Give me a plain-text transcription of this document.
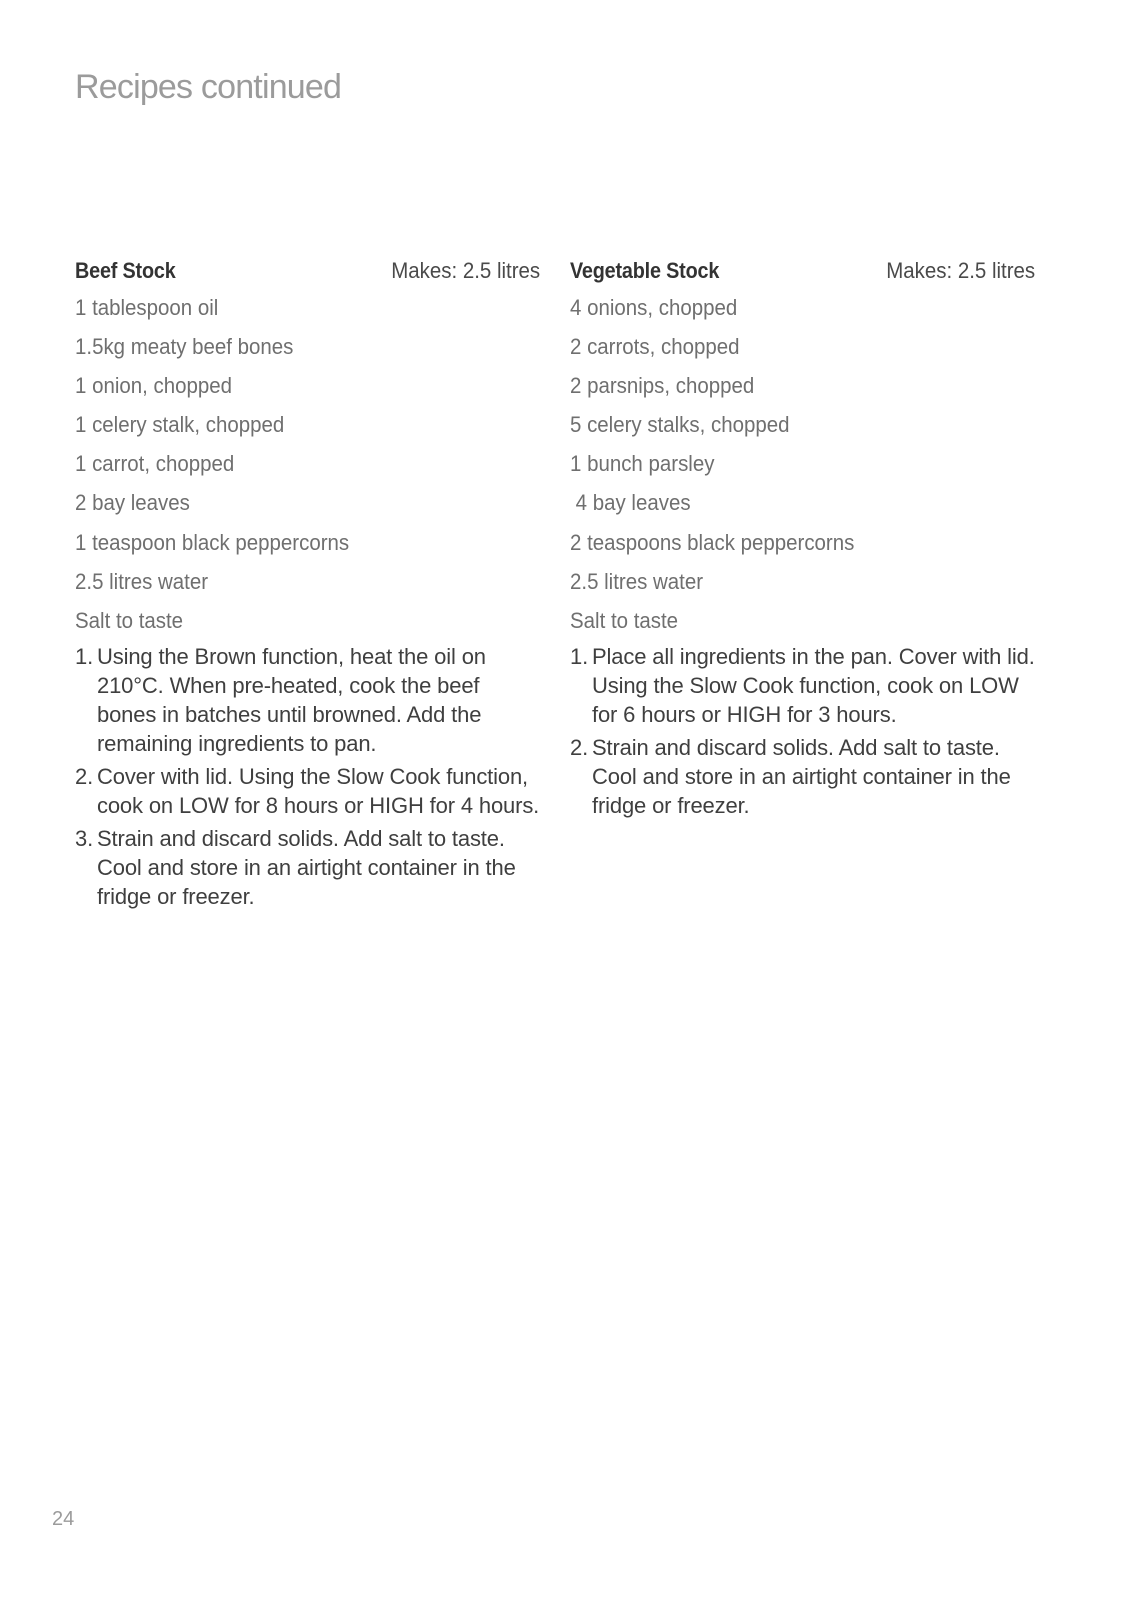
Recipes continued
Beef Stock	Makes: 2.5 litres
1 tablespoon oil
1.5kg meaty beef bones
1 onion, chopped
1 celery stalk, chopped
1 carrot, chopped
2 bay leaves
1 teaspoon black peppercorns
2.5 litres water
Salt to taste
1. Using the Brown function, heat the oil on 210°C. When pre-heated, cook the beef bones in batches until browned. Add the remaining ingredients to pan.
2. Cover with lid. Using the Slow Cook function, cook on LOW for 8 hours or HIGH for 4 hours.
3. Strain and discard solids. Add salt to taste. Cool and store in an airtight container in the fridge or freezer.
Vegetable Stock	Makes: 2.5 litres
4 onions, chopped
2 carrots, chopped
2 parsnips, chopped
5 celery stalks, chopped
1 bunch parsley
4 bay leaves
2 teaspoons black peppercorns
2.5 litres water
Salt to taste
1. Place all ingredients in the pan. Cover with lid. Using the Slow Cook function, cook on LOW for 6 hours or HIGH for 3 hours.
2. Strain and discard solids. Add salt to taste. Cool and store in an airtight container in the fridge or freezer.
24
